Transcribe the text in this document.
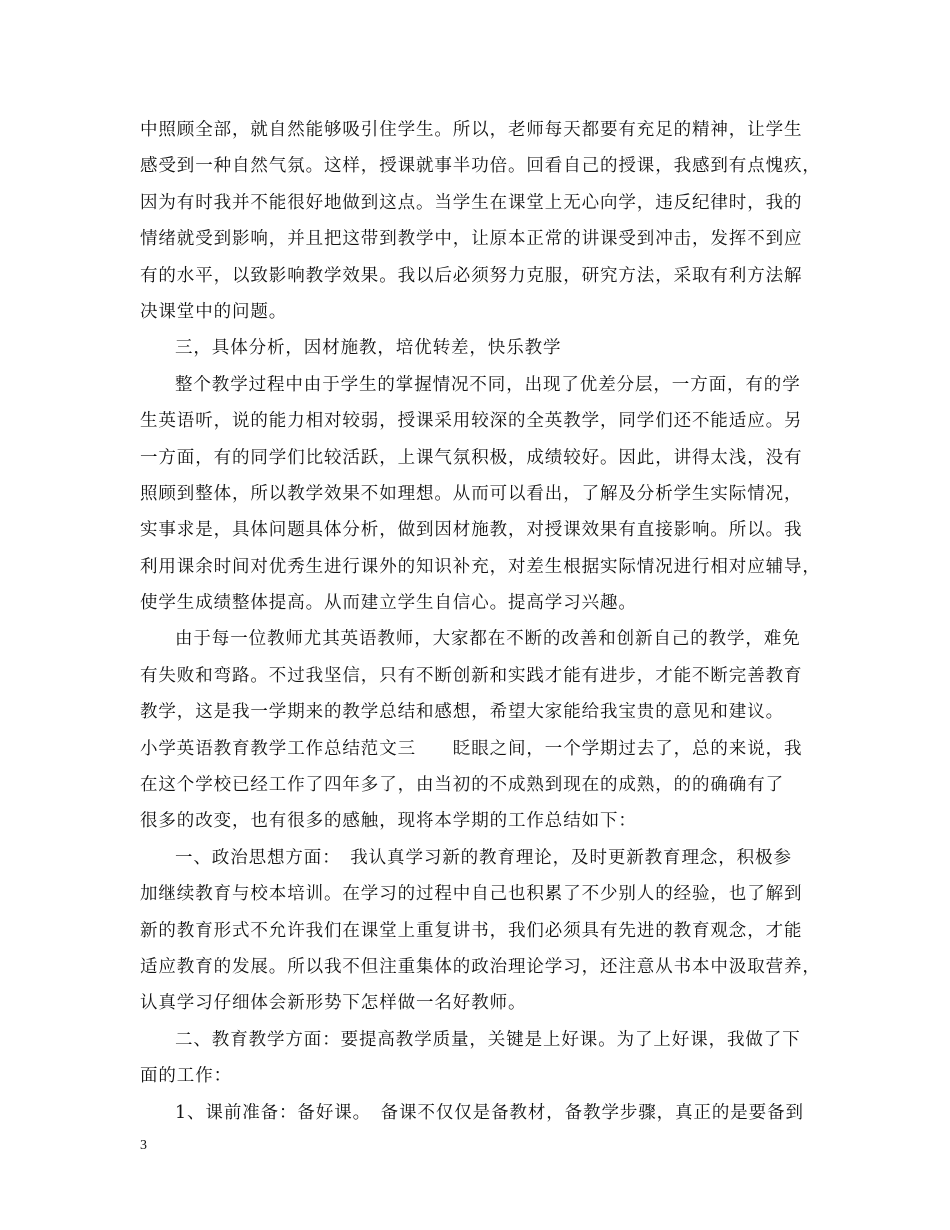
中照顾全部，就自然能够吸引住学生。所以，老师每天都要有充足的精神，让学生
感受到一种自然气氛。这样，授课就事半功倍。回看自己的授课，我感到有点愧疚，
因为有时我并不能很好地做到这点。当学生在课堂上无心向学，违反纪律时，我的
情绪就受到影响，并且把这带到教学中，让原本正常的讲课受到冲击，发挥不到应
有的水平，以致影响教学效果。我以后必须努力克服，研究方法，采取有利方法解
决课堂中的问题。
三，具体分析，因材施教，培优转差，快乐教学
整个教学过程中由于学生的掌握情况不同，出现了优差分层，一方面，有的学
生英语听，说的能力相对较弱，授课采用较深的全英教学，同学们还不能适应。另
一方面，有的同学们比较活跃，上课气氛积极，成绩较好。因此，讲得太浅，没有
照顾到整体，所以教学效果不如理想。从而可以看出，了解及分析学生实际情况，
实事求是，具体问题具体分析，做到因材施教，对授课效果有直接影响。所以。我
利用课余时间对优秀生进行课外的知识补充，对差生根据实际情况进行相对应辅导，
使学生成绩整体提高。从而建立学生自信心。提高学习兴趣。
由于每一位教师尤其英语教师，大家都在不断的改善和创新自己的教学，难免
有失败和弯路。不过我坚信，只有不断创新和实践才能有进步，才能不断完善教育
教学，这是我一学期来的教学总结和感想，希望大家能给我宝贵的意见和建议。
小学英语教育教学工作总结范文三　　眨眼之间，一个学期过去了，总的来说，我
在这个学校已经工作了四年多了，由当初的不成熟到现在的成熟，的的确确有了
很多的改变，也有很多的感触，现将本学期的工作总结如下：
一、政治思想方面：　我认真学习新的教育理论，及时更新教育理念，积极参
加继续教育与校本培训。在学习的过程中自己也积累了不少别人的经验，也了解到
新的教育形式不允许我们在课堂上重复讲书，我们必须具有先进的教育观念，才能
适应教育的发展。所以我不但注重集体的政治理论学习，还注意从书本中汲取营养，
认真学习仔细体会新形势下怎样做一名好教师。
二、教育教学方面：要提高教学质量，关键是上好课。为了上好课，我做了下
面的工作：
1、课前准备：备好课。　备课不仅仅是备教材，备教学步骤，真正的是要备到
3
